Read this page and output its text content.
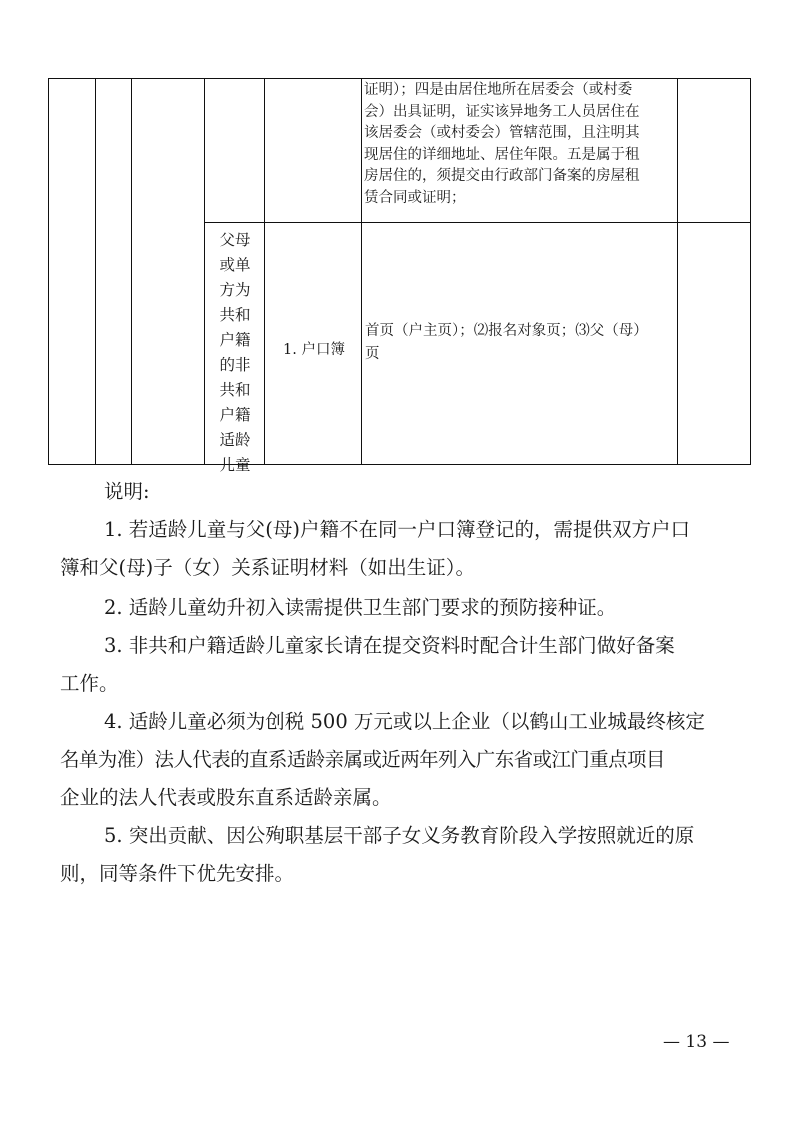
证明）；四是由居住地所在居委会（或村委
会）出具证明，证实该异地务工人员居住在
该居委会（或村委会）管辖范围，且注明其
现居住的详细地址、居住年限。五是属于租
房居住的，须提交由行政部门备案的房屋租
赁合同或证明；
父母
或单
方为
共和
户籍
的非
共和
户籍
适龄
儿童
1. 户口簿
首页（户主页）；⑵报名对象页；⑶父（母）
页
说明:
1. 若适龄儿童与父(母)户籍不在同一户口簿登记的，需提供双方户口
簿和父(母)子（女）关系证明材料（如出生证）。
2. 适龄儿童幼升初入读需提供卫生部门要求的预防接种证。
3. 非共和户籍适龄儿童家长请在提交资料时配合计生部门做好备案
工作。
4. 适龄儿童必须为创税 500 万元或以上企业（以鹤山工业城最终核定
名单为准）法人代表的直系适龄亲属或近两年列入广东省或江门重点项目
企业的法人代表或股东直系适龄亲属。
5. 突出贡献、因公殉职基层干部子女义务教育阶段入学按照就近的原
则，同等条件下优先安排。
— 13 —
